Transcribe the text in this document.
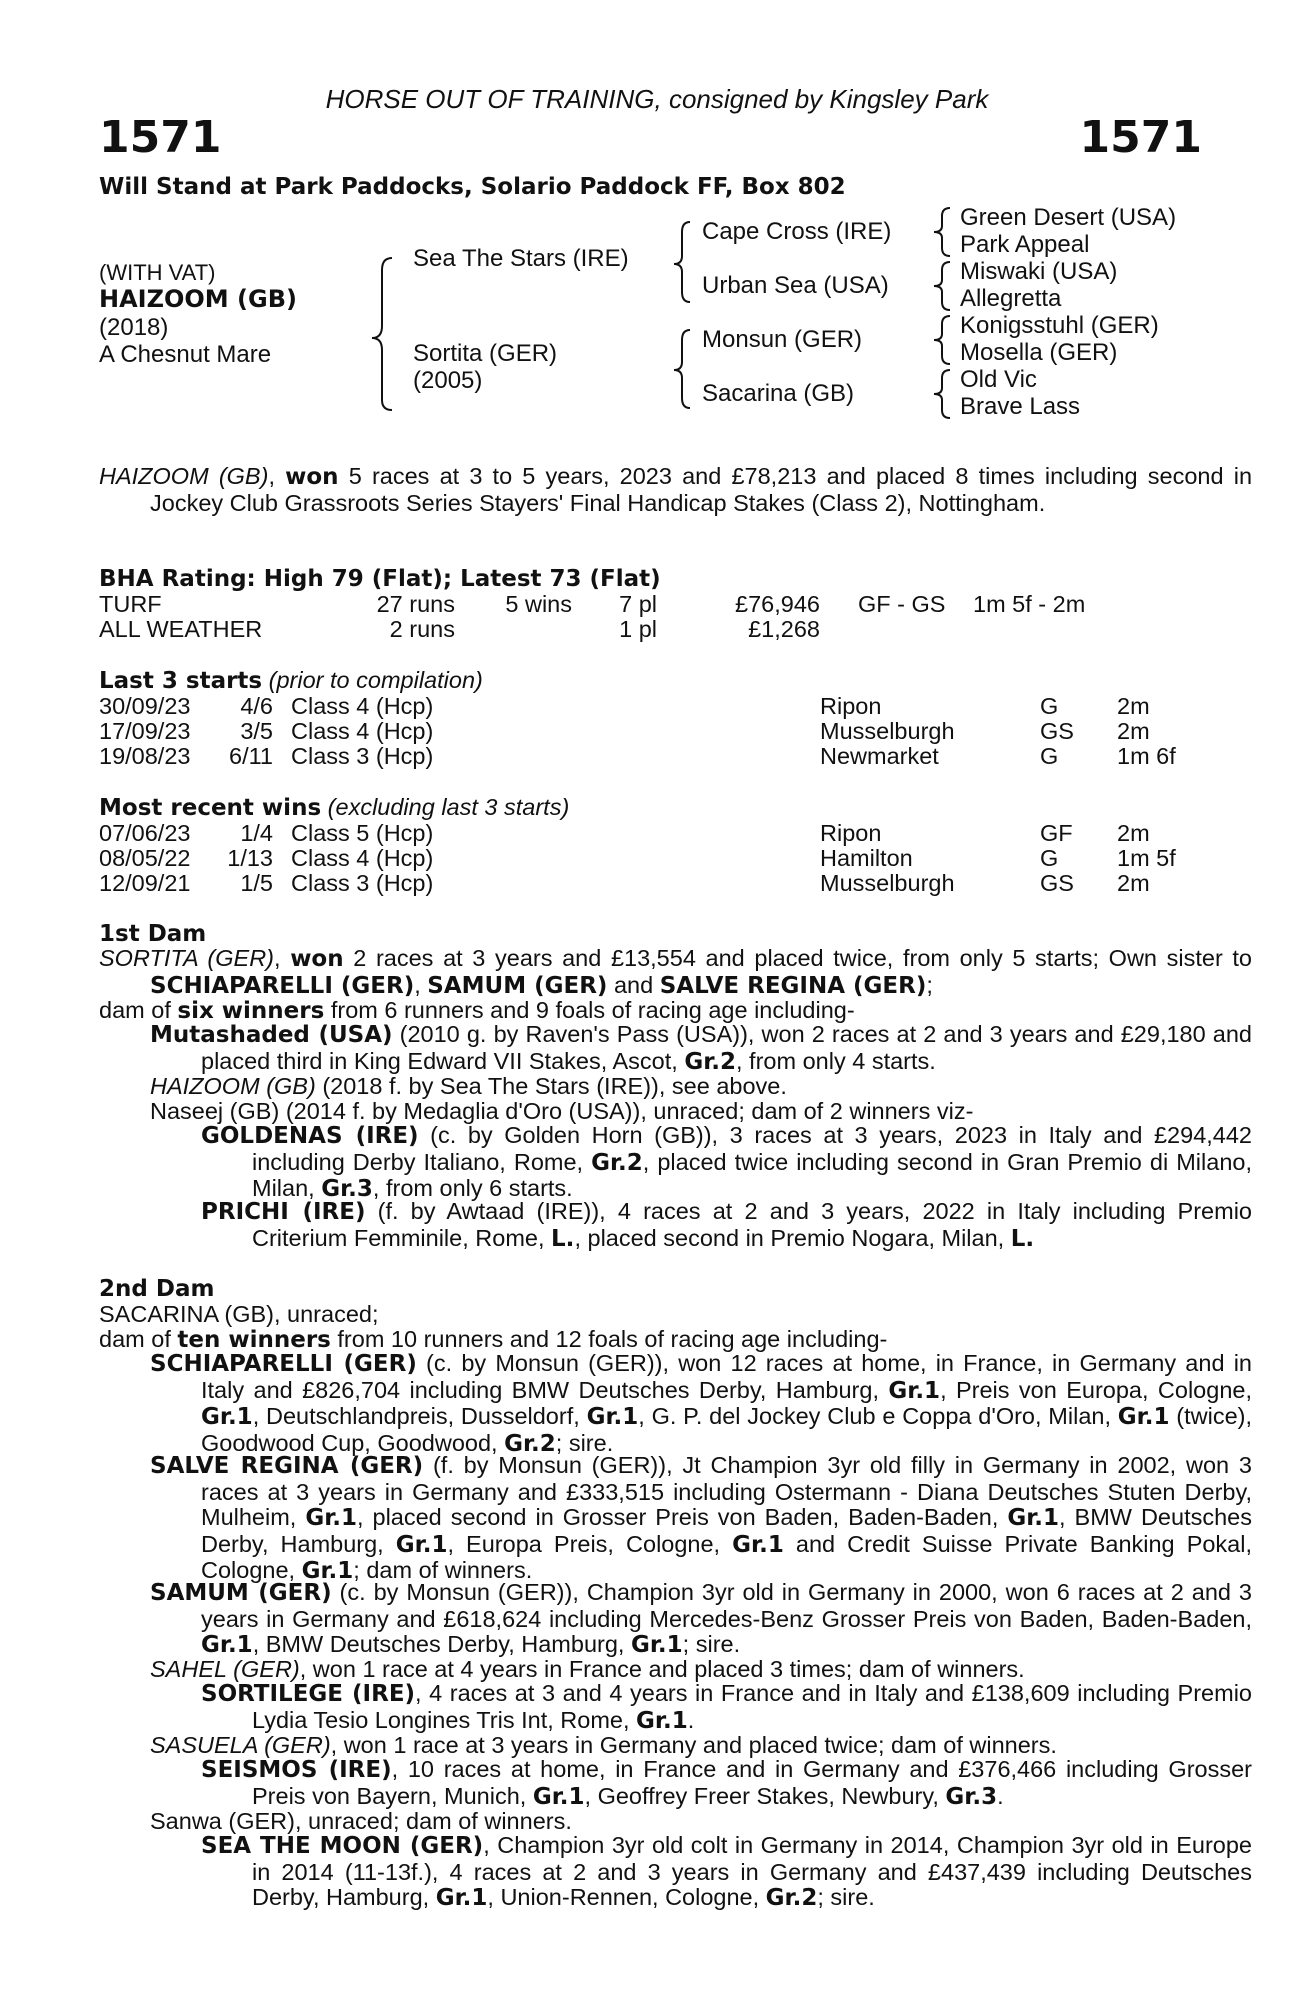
HORSE OUT OF TRAINING, consigned by Kingsley Park
1571	1571
Will Stand at Park Paddocks, Solario Paddock FF, Box 802
(WITH VAT)
HAIZOOM (GB)
(2018)
A Chesnut Mare
Sea The Stars (IRE)
Sortita (GER)
(2005)
Cape Cross (IRE)
Urban Sea (USA)
Monsun (GER)
Sacarina (GB)
Green Desert (USA)
Park Appeal
Miswaki (USA)
Allegretta
Konigsstuhl (GER)
Mosella (GER)
Old Vic
Brave Lass
HAIZOOM (GB), won 5 races at 3 to 5 years, 2023 and £78,213 and placed 8 times including second in Jockey Club Grassroots Series Stayers' Final Handicap Stakes (Class 2), Nottingham.
BHA Rating: High 79 (Flat); Latest 73 (Flat)
TURF	27 runs	5 wins	7 pl	£76,946 GF - GS 1m 5f - 2m
ALL WEATHER	2 runs	1 pl	£1,268
Last 3 starts (prior to compilation)
30/09/23	4/6 Class 4 (Hcp)	Ripon	G 2m
17/09/23	3/5 Class 4 (Hcp)	Musselburgh	GS 2m
19/08/23	6/11 Class 3 (Hcp)	Newmarket	G 1m 6f
Most recent wins (excluding last 3 starts)
07/06/23	1/4 Class 5 (Hcp)	Ripon	GF 2m
08/05/22	1/13 Class 4 (Hcp)	Hamilton	G 1m 5f
12/09/21	1/5 Class 3 (Hcp)	Musselburgh	GS 2m
1st Dam
SORTITA (GER), won 2 races at 3 years and £13,554 and placed twice, from only 5 starts; Own sister to SCHIAPARELLI (GER), SAMUM (GER) and SALVE REGINA (GER);
dam of six winners from 6 runners and 9 foals of racing age including-
Mutashaded (USA) (2010 g. by Raven's Pass (USA)), won 2 races at 2 and 3 years and £29,180 and placed third in King Edward VII Stakes, Ascot, Gr.2, from only 4 starts.
HAIZOOM (GB) (2018 f. by Sea The Stars (IRE)), see above.
Naseej (GB) (2014 f. by Medaglia d'Oro (USA)), unraced; dam of 2 winners viz-
GOLDENAS (IRE) (c. by Golden Horn (GB)), 3 races at 3 years, 2023 in Italy and £294,442 including Derby Italiano, Rome, Gr.2, placed twice including second in Gran Premio di Milano, Milan, Gr.3, from only 6 starts.
PRICHI (IRE) (f. by Awtaad (IRE)), 4 races at 2 and 3 years, 2022 in Italy including Premio Criterium Femminile, Rome, L., placed second in Premio Nogara, Milan, L.
2nd Dam
SACARINA (GB), unraced;
dam of ten winners from 10 runners and 12 foals of racing age including-
SCHIAPARELLI (GER) (c. by Monsun (GER)), won 12 races at home, in France, in Germany and in Italy and £826,704 including BMW Deutsches Derby, Hamburg, Gr.1, Preis von Europa, Cologne, Gr.1, Deutschlandpreis, Dusseldorf, Gr.1, G. P. del Jockey Club e Coppa d'Oro, Milan, Gr.1 (twice), Goodwood Cup, Goodwood, Gr.2; sire.
SALVE REGINA (GER) (f. by Monsun (GER)), Jt Champion 3yr old filly in Germany in 2002, won 3 races at 3 years in Germany and £333,515 including Ostermann - Diana Deutsches Stuten Derby, Mulheim, Gr.1, placed second in Grosser Preis von Baden, Baden-Baden, Gr.1, BMW Deutsches Derby, Hamburg, Gr.1, Europa Preis, Cologne, Gr.1 and Credit Suisse Private Banking Pokal, Cologne, Gr.1; dam of winners.
SAMUM (GER) (c. by Monsun (GER)), Champion 3yr old in Germany in 2000, won 6 races at 2 and 3 years in Germany and £618,624 including Mercedes-Benz Grosser Preis von Baden, Baden-Baden, Gr.1, BMW Deutsches Derby, Hamburg, Gr.1; sire.
SAHEL (GER), won 1 race at 4 years in France and placed 3 times; dam of winners.
SORTILEGE (IRE), 4 races at 3 and 4 years in France and in Italy and £138,609 including Premio Lydia Tesio Longines Tris Int, Rome, Gr.1.
SASUELA (GER), won 1 race at 3 years in Germany and placed twice; dam of winners.
SEISMOS (IRE), 10 races at home, in France and in Germany and £376,466 including Grosser Preis von Bayern, Munich, Gr.1, Geoffrey Freer Stakes, Newbury, Gr.3.
Sanwa (GER), unraced; dam of winners.
SEA THE MOON (GER), Champion 3yr old colt in Germany in 2014, Champion 3yr old in Europe in 2014 (11-13f.), 4 races at 2 and 3 years in Germany and £437,439 including Deutsches Derby, Hamburg, Gr.1, Union-Rennen, Cologne, Gr.2; sire.
